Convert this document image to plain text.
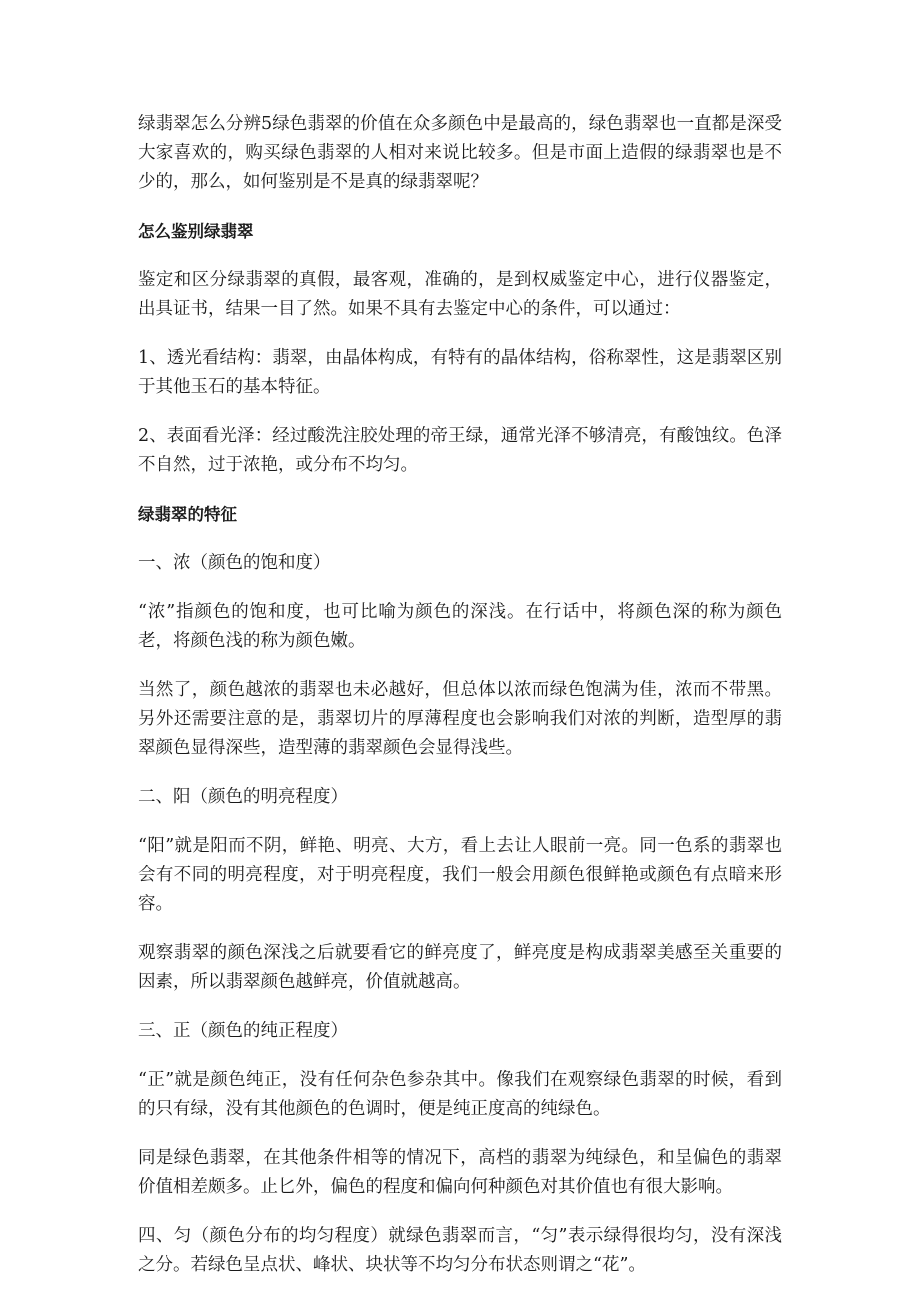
绿翡翠怎么分辨5绿色翡翠的价值在众多颜色中是最高的，绿色翡翠也一直都是深受大家喜欢的，购买绿色翡翠的人相对来说比较多。但是市面上造假的绿翡翠也是不少的，那么，如何鉴别是不是真的绿翡翠呢？

怎么鉴别绿翡翠

鉴定和区分绿翡翠的真假，最客观，准确的，是到权威鉴定中心，进行仪器鉴定，出具证书，结果一目了然。如果不具有去鉴定中心的条件，可以通过：

1、透光看结构：翡翠，由晶体构成，有特有的晶体结构，俗称翠性，这是翡翠区别于其他玉石的基本特征。

2、表面看光泽：经过酸洗注胶处理的帝王绿，通常光泽不够清亮，有酸蚀纹。色泽不自然，过于浓艳，或分布不均匀。

绿翡翠的特征

一、浓（颜色的饱和度）

“浓”指颜色的饱和度，也可比喻为颜色的深浅。在行话中，将颜色深的称为颜色老，将颜色浅的称为颜色嫩。

当然了，颜色越浓的翡翠也未必越好，但总体以浓而绿色饱满为佳，浓而不带黑。另外还需要注意的是，翡翠切片的厚薄程度也会影响我们对浓的判断，造型厚的翡翠颜色显得深些，造型薄的翡翠颜色会显得浅些。

二、阳（颜色的明亮程度）

“阳”就是阳而不阴，鲜艳、明亮、大方，看上去让人眼前一亮。同一色系的翡翠也会有不同的明亮程度，对于明亮程度，我们一般会用颜色很鲜艳或颜色有点暗来形容。

观察翡翠的颜色深浅之后就要看它的鲜亮度了，鲜亮度是构成翡翠美感至关重要的因素，所以翡翠颜色越鲜亮，价值就越高。

三、正（颜色的纯正程度）

“正”就是颜色纯正，没有任何杂色参杂其中。像我们在观察绿色翡翠的时候，看到的只有绿，没有其他颜色的色调时，便是纯正度高的纯绿色。

同是绿色翡翠，在其他条件相等的情况下，高档的翡翠为纯绿色，和呈偏色的翡翠价值相差颇多。止匕外，偏色的程度和偏向何种颜色对其价值也有很大影响。

四、匀（颜色分布的均匀程度）就绿色翡翠而言，“匀”表示绿得很均匀，没有深浅之分。若绿色呈点状、峰状、块状等不均匀分布状态则谓之“花”。
